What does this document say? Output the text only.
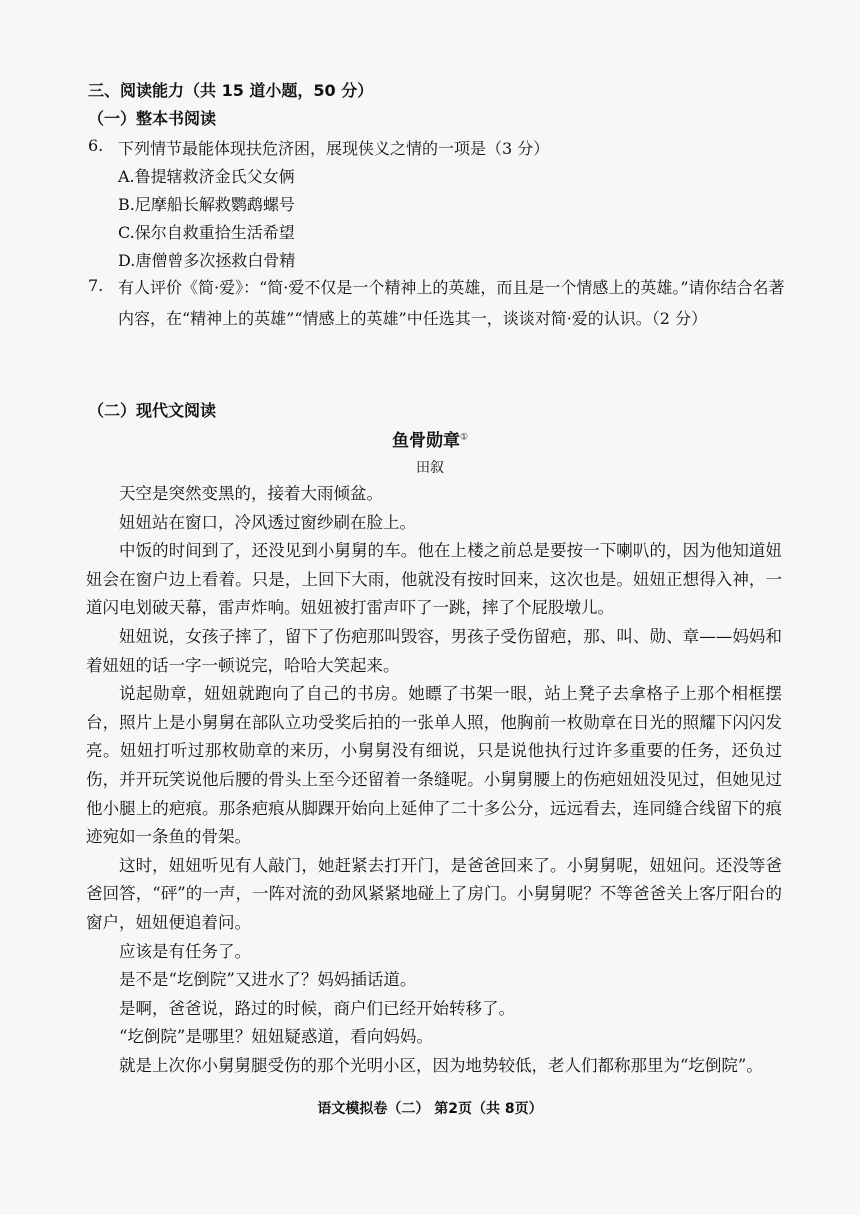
三、阅读能力（共 15 道小题，50 分）
（一）整本书阅读
6. 下列情节最能体现扶危济困，展现侠义之情的一项是（3 分）
A.鲁提辖救济金氏父女俩
B.尼摩船长解救鹦鹉螺号
C.保尔自救重拾生活希望
D.唐僧曾多次拯救白骨精
7. 有人评价《简·爱》：“简·爱不仅是一个精神上的英雄，而且是一个情感上的英雄。”请你结合名著内容，在“精神上的英雄”“情感上的英雄”中任选其一，谈谈对简·爱的认识。（2 分）
（二）现代文阅读
鱼骨勋章①
田叙

天空是突然变黑的，接着大雨倾盆。

妞妞站在窗口，冷风透过窗纱刷在脸上。

中饭的时间到了，还没见到小舅舅的车。他在上楼之前总是要按一下喇叭的，因为他知道妞妞会在窗户边上看着。只是，上回下大雨，他就没有按时回来，这次也是。妞妞正想得入神，一道闪电划破天幕，雷声炸响。妞妞被打雷声吓了一跳，摔了个屁股墩儿。

妞妞说，女孩子摔了，留下了伤疤那叫毁容，男孩子受伤留疤，那、叫、勋、章——妈妈和着妞妞的话一字一顿说完，哈哈大笑起来。

说起勋章，妞妞就跑向了自己的书房。她瞟了书架一眼，站上凳子去拿格子上那个相框摆台，照片上是小舅舅在部队立功受奖后拍的一张单人照，他胸前一枚勋章在日光的照耀下闪闪发亮。妞妞打听过那枚勋章的来历，小舅舅没有细说，只是说他执行过许多重要的任务，还负过伤，并开玩笑说他后腰的骨头上至今还留着一条缝呢。小舅舅腰上的伤疤妞妞没见过，但她见过他小腿上的疤痕。那条疤痕从脚踝开始向上延伸了二十多公分，远远看去，连同缝合线留下的痕迹宛如一条鱼的骨架。

这时，妞妞听见有人敲门，她赶紧去打开门，是爸爸回来了。小舅舅呢，妞妞问。还没等爸爸回答，“砰”的一声，一阵对流的劲风紧紧地碰上了房门。小舅舅呢？不等爸爸关上客厅阳台的窗户，妞妞便追着问。

应该是有任务了。

是不是“圪倒院”又进水了？妈妈插话道。

是啊，爸爸说，路过的时候，商户们已经开始转移了。

“圪倒院”是哪里？妞妞疑惑道，看向妈妈。

就是上次你小舅舅腿受伤的那个光明小区，因为地势较低，老人们都称那里为“圪倒院”。

语文模拟卷（二） 第2页（共 8页）
